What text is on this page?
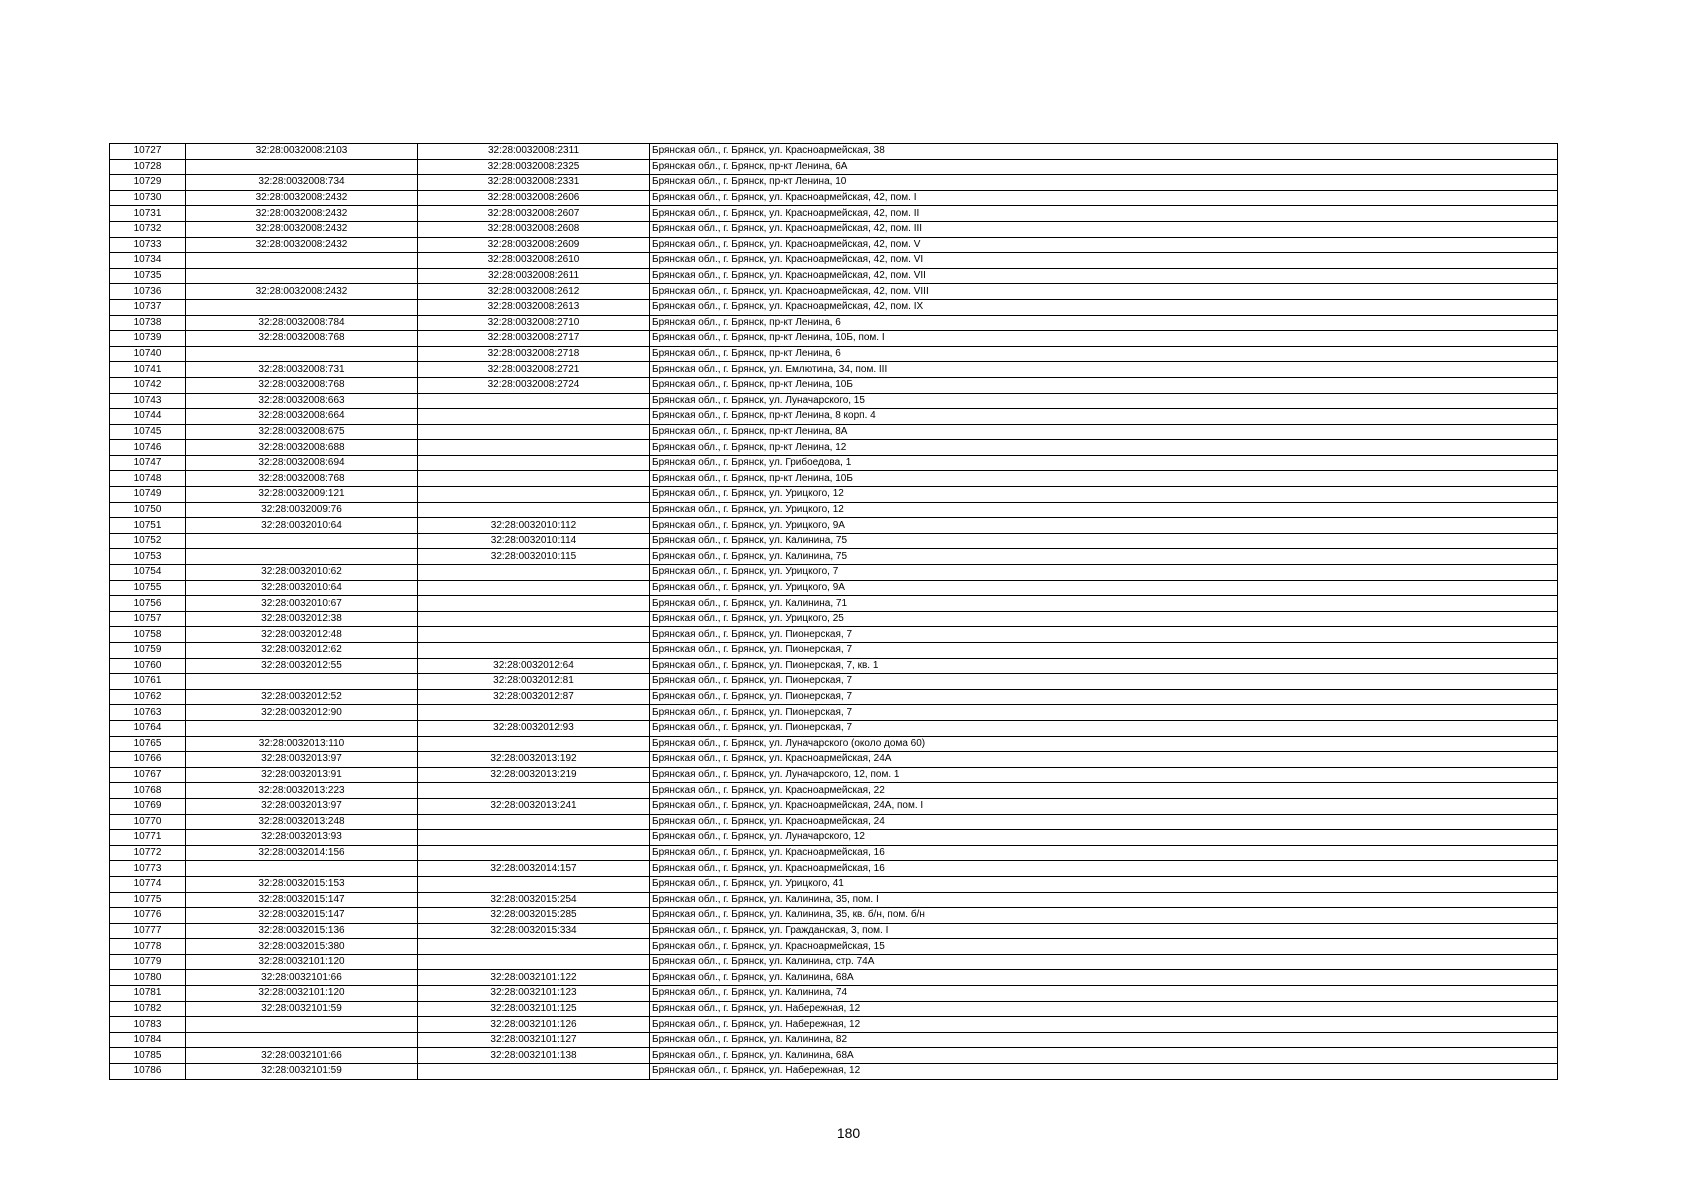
10727	32:28:0032008:2103	32:28:0032008:2311	Брянская обл., г. Брянск, ул. Красноармейская, 38
10728		32:28:0032008:2325	Брянская обл., г. Брянск, пр-кт Ленина, 6А
10729	32:28:0032008:734	32:28:0032008:2331	Брянская обл., г. Брянск, пр-кт Ленина, 10
10730	32:28:0032008:2432	32:28:0032008:2606	Брянская обл., г. Брянск, ул. Красноармейская, 42, пом. I
10731	32:28:0032008:2432	32:28:0032008:2607	Брянская обл., г. Брянск, ул. Красноармейская, 42, пом. II
10732	32:28:0032008:2432	32:28:0032008:2608	Брянская обл., г. Брянск, ул. Красноармейская, 42, пом. III
10733	32:28:0032008:2432	32:28:0032008:2609	Брянская обл., г. Брянск, ул. Красноармейская, 42, пом. V
10734		32:28:0032008:2610	Брянская обл., г. Брянск, ул. Красноармейская, 42, пом. VI
10735		32:28:0032008:2611	Брянская обл., г. Брянск, ул. Красноармейская, 42, пом. VII
10736	32:28:0032008:2432	32:28:0032008:2612	Брянская обл., г. Брянск, ул. Красноармейская, 42, пом. VIII
10737		32:28:0032008:2613	Брянская обл., г. Брянск, ул. Красноармейская, 42, пом. IX
10738	32:28:0032008:784	32:28:0032008:2710	Брянская обл., г. Брянск, пр-кт Ленина, 6
10739	32:28:0032008:768	32:28:0032008:2717	Брянская обл., г. Брянск, пр-кт Ленина, 10Б, пом. I
10740		32:28:0032008:2718	Брянская обл., г. Брянск, пр-кт Ленина, 6
10741	32:28:0032008:731	32:28:0032008:2721	Брянская обл., г. Брянск, ул. Емлютина, 34, пом. III
10742	32:28:0032008:768	32:28:0032008:2724	Брянская обл., г. Брянск, пр-кт Ленина, 10Б
10743	32:28:0032008:663		Брянская обл., г. Брянск, ул. Луначарского, 15
10744	32:28:0032008:664		Брянская обл., г. Брянск, пр-кт Ленина, 8 корп. 4
10745	32:28:0032008:675		Брянская обл., г. Брянск, пр-кт Ленина, 8А
10746	32:28:0032008:688		Брянская обл., г. Брянск, пр-кт Ленина, 12
10747	32:28:0032008:694		Брянская обл., г. Брянск, ул. Грибоедова, 1
10748	32:28:0032008:768		Брянская обл., г. Брянск, пр-кт Ленина, 10Б
10749	32:28:0032009:121		Брянская обл., г. Брянск, ул. Урицкого, 12
10750	32:28:0032009:76		Брянская обл., г. Брянск, ул. Урицкого, 12
10751	32:28:0032010:64	32:28:0032010:112	Брянская обл., г. Брянск, ул. Урицкого, 9А
10752		32:28:0032010:114	Брянская обл., г. Брянск, ул. Калинина, 75
10753		32:28:0032010:115	Брянская обл., г. Брянск, ул. Калинина, 75
10754	32:28:0032010:62		Брянская обл., г. Брянск, ул. Урицкого, 7
10755	32:28:0032010:64		Брянская обл., г. Брянск, ул. Урицкого, 9А
10756	32:28:0032010:67		Брянская обл., г. Брянск, ул. Калинина, 71
10757	32:28:0032012:38		Брянская обл., г. Брянск, ул. Урицкого, 25
10758	32:28:0032012:48		Брянская обл., г. Брянск, ул. Пионерская, 7
10759	32:28:0032012:62		Брянская обл., г. Брянск, ул. Пионерская, 7
10760	32:28:0032012:55	32:28:0032012:64	Брянская обл., г. Брянск, ул. Пионерская, 7, кв. 1
10761		32:28:0032012:81	Брянская обл., г. Брянск, ул. Пионерская, 7
10762	32:28:0032012:52	32:28:0032012:87	Брянская обл., г. Брянск, ул. Пионерская, 7
10763	32:28:0032012:90		Брянская обл., г. Брянск, ул. Пионерская, 7
10764		32:28:0032012:93	Брянская обл., г. Брянск, ул. Пионерская, 7
10765	32:28:0032013:110		Брянская обл., г. Брянск, ул. Луначарского (около дома 60)
10766	32:28:0032013:97	32:28:0032013:192	Брянская обл., г. Брянск, ул. Красноармейская, 24А
10767	32:28:0032013:91	32:28:0032013:219	Брянская обл., г. Брянск, ул. Луначарского, 12, пом. 1
10768	32:28:0032013:223		Брянская обл., г. Брянск, ул. Красноармейская, 22
10769	32:28:0032013:97	32:28:0032013:241	Брянская обл., г. Брянск, ул. Красноармейская, 24А, пом. I
10770	32:28:0032013:248		Брянская обл., г. Брянск, ул. Красноармейская, 24
10771	32:28:0032013:93		Брянская обл., г. Брянск, ул. Луначарского, 12
10772	32:28:0032014:156		Брянская обл., г. Брянск, ул. Красноармейская, 16
10773		32:28:0032014:157	Брянская обл., г. Брянск, ул. Красноармейская, 16
10774	32:28:0032015:153		Брянская обл., г. Брянск, ул. Урицкого, 41
10775	32:28:0032015:147	32:28:0032015:254	Брянская обл., г. Брянск, ул. Калинина, 35, пом. I
10776	32:28:0032015:147	32:28:0032015:285	Брянская обл., г. Брянск, ул. Калинина, 35, кв. б/н, пом. б/н
10777	32:28:0032015:136	32:28:0032015:334	Брянская обл., г. Брянск, ул. Гражданская, 3, пом. I
10778	32:28:0032015:380		Брянская обл., г. Брянск, ул. Красноармейская, 15
10779	32:28:0032101:120		Брянская обл., г. Брянск, ул. Калинина, стр. 74А
10780	32:28:0032101:66	32:28:0032101:122	Брянская обл., г. Брянск, ул. Калинина, 68А
10781	32:28:0032101:120	32:28:0032101:123	Брянская обл., г. Брянск, ул. Калинина, 74
10782	32:28:0032101:59	32:28:0032101:125	Брянская обл., г. Брянск, ул. Набережная, 12
10783		32:28:0032101:126	Брянская обл., г. Брянск, ул. Набережная, 12
10784		32:28:0032101:127	Брянская обл., г. Брянск, ул. Калинина, 82
10785	32:28:0032101:66	32:28:0032101:138	Брянская обл., г. Брянск, ул. Калинина, 68А
10786	32:28:0032101:59		Брянская обл., г. Брянск, ул. Набережная, 12
180
